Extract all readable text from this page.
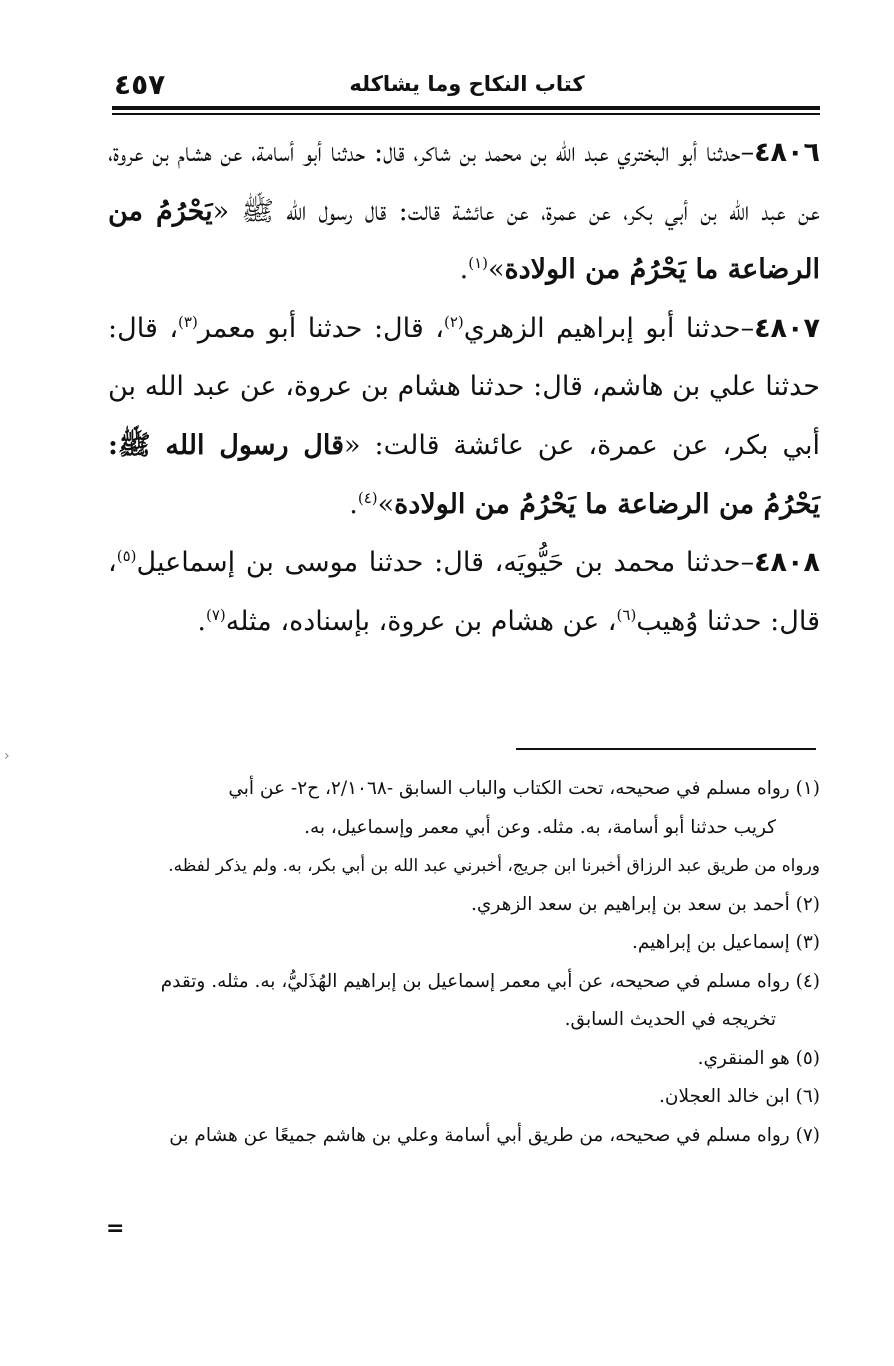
٤٥٧	كتاب النكاح وما يشاكله

٤٨٠٦–حدثنا أبو البختري عبد الله بن محمد بن شاكر، قال: حدثنا أبو أسامة، عن هشام بن عروة، عن عبد الله بن أبي بكر، عن عمرة، عن عائشة قالت: قال رسول الله ﷺ «يَحْرُمُ من الرضاعة ما يَحْرُمُ من الولادة»$^{(١)}$.

٤٨٠٧–حدثنا أبو إبراهيم الزهري$^{(٢)}$، قال: حدثنا أبو معمر$^{(٣)}$، قال: حدثنا علي بن هاشم، قال: حدثنا هشام بن عروة، عن عبد الله بن أبي بكر، عن عمرة، عن عائشة قالت: «قال رسول الله ﷺ: يَحْرُمُ من الرضاعة ما يَحْرُمُ من الولادة»$^{(٤)}$.

٤٨٠٨–حدثنا محمد بن حَيُّويَه، قال: حدثنا موسى بن إسماعيل$^{(٥)}$، قال: حدثنا وُهيب$^{(٦)}$، عن هشام بن عروة، بإسناده، مثله$^{(٧)}$.

›

(١) رواه مسلم في صحيحه، تحت الكتاب والباب السابق -٢/١٠٦٨، ح٢- عن أبي

كريب حدثنا أبو أسامة، به. مثله. وعن أبي معمر وإسماعيل، به.

ورواه من طريق عبد الرزاق أخبرنا ابن جريج، أخبرني عبد الله بن أبي بكر، به. ولم يذكر لفظه.

(٢) أحمد بن سعد بن إبراهيم بن سعد الزهري.

(٣) إسماعيل بن إبراهيم.

(٤) رواه مسلم في صحيحه، عن أبي معمر إسماعيل بن إبراهيم الهُذَليُّ، به. مثله. وتقدم

تخريجه في الحديث السابق.

(٥) هو المنقري.

(٦) ابن خالد العجلان.

(٧) رواه مسلم في صحيحه، من طريق أبي أسامة وعلي بن هاشم جميعًا عن هشام بن

=
